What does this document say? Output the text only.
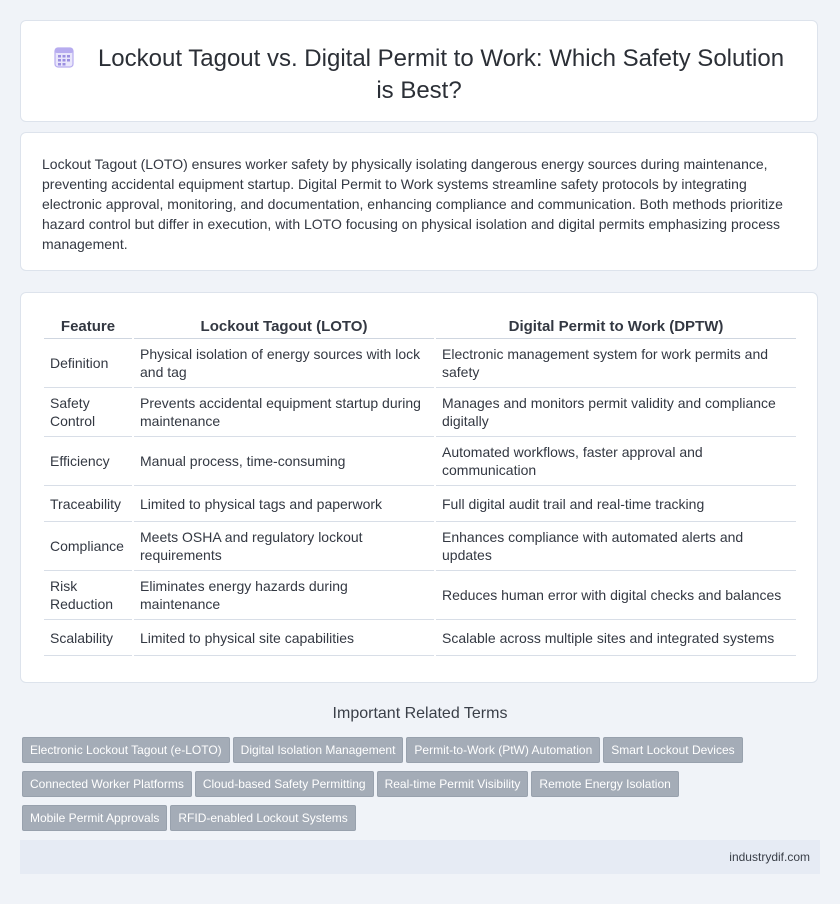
Lockout Tagout vs. Digital Permit to Work: Which Safety Solution is Best?

Lockout Tagout (LOTO) ensures worker safety by physically isolating dangerous energy sources during maintenance, preventing accidental equipment startup. Digital Permit to Work systems streamline safety protocols by integrating electronic approval, monitoring, and documentation, enhancing compliance and communication. Both methods prioritize hazard control but differ in execution, with LOTO focusing on physical isolation and digital permits emphasizing process management.

Feature	Lockout Tagout (LOTO)	Digital Permit to Work (DPTW)
Definition	Physical isolation of energy sources with lock and tag	Electronic management system for work permits and safety
Safety Control	Prevents accidental equipment startup during maintenance	Manages and monitors permit validity and compliance digitally
Efficiency	Manual process, time-consuming	Automated workflows, faster approval and communication
Traceability	Limited to physical tags and paperwork	Full digital audit trail and real-time tracking
Compliance	Meets OSHA and regulatory lockout requirements	Enhances compliance with automated alerts and updates
Risk Reduction	Eliminates energy hazards during maintenance	Reduces human error with digital checks and balances
Scalability	Limited to physical site capabilities	Scalable across multiple sites and integrated systems
Important Related Terms
Electronic Lockout Tagout (e-LOTO) Digital Isolation Management Permit-to-Work (PtW) Automation Smart Lockout Devices
Connected Worker Platforms Cloud-based Safety Permitting Real-time Permit Visibility Remote Energy Isolation
Mobile Permit Approvals RFID-enabled Lockout Systems
industrydif.com
